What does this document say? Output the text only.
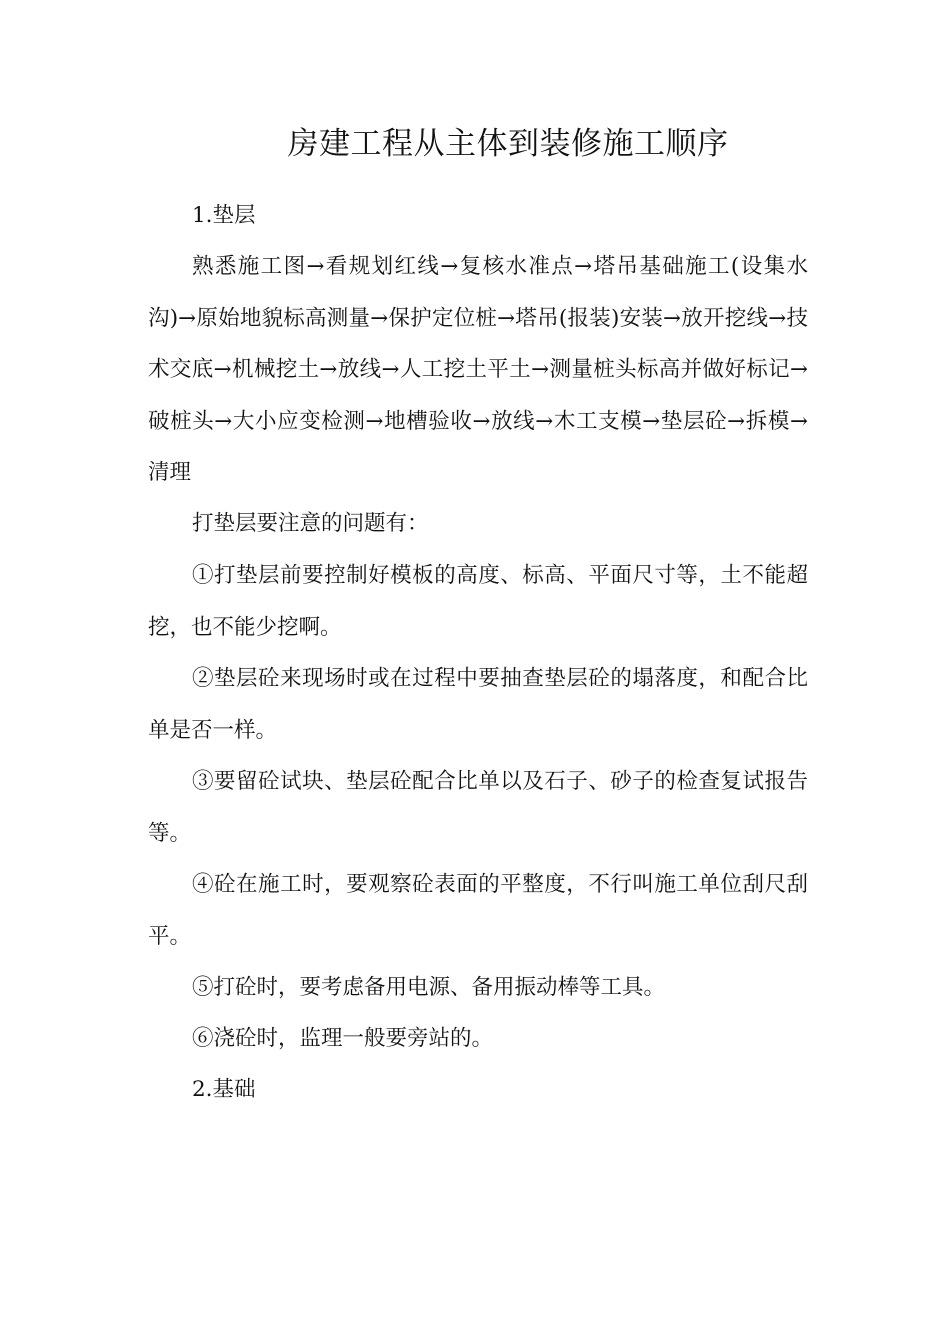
房建工程从主体到装修施工顺序

1.垫层

熟悉施工图→看规划红线→复核水准点→塔吊基础施工(设集水沟)→原始地貌标高测量→保护定位桩→塔吊(报装)安装→放开挖线→技术交底→机械挖土→放线→人工挖土平土→测量桩头标高并做好标记→破桩头→大小应变检测→地槽验收→放线→木工支模→垫层砼→拆模→清理

打垫层要注意的问题有：

①打垫层前要控制好模板的高度、标高、平面尺寸等，土不能超挖，也不能少挖啊。

②垫层砼来现场时或在过程中要抽查垫层砼的塌落度，和配合比单是否一样。

③要留砼试块、垫层砼配合比单以及石子、砂子的检查复试报告等。

④砼在施工时，要观察砼表面的平整度，不行叫施工单位刮尺刮平。

⑤打砼时，要考虑备用电源、备用振动棒等工具。

⑥浇砼时，监理一般要旁站的。

2.基础
